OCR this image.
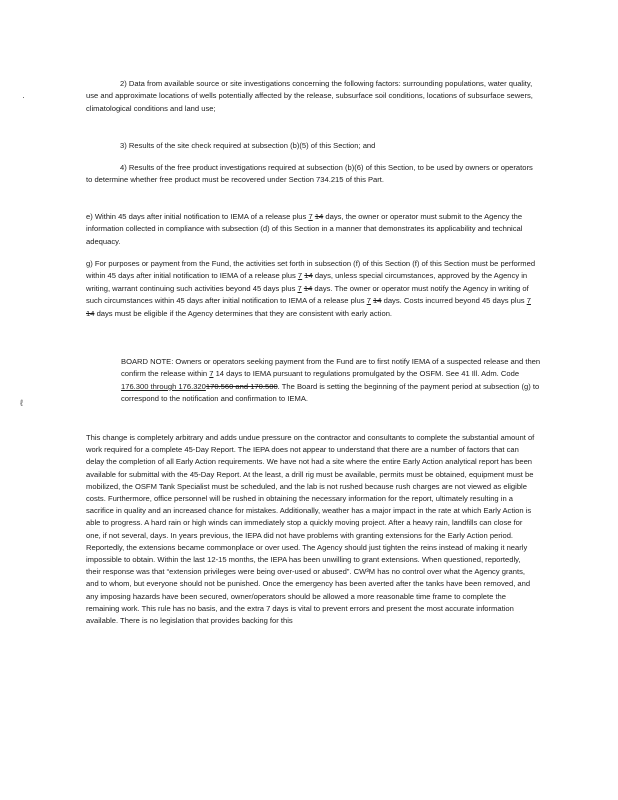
·
ℓ

2) Data from available source or site investigations concerning the following factors: surrounding populations, water quality, use and approximate locations of wells potentially affected by the release, subsurface soil conditions, locations of subsurface sewers, climatological conditions and land use;

3) Results of the site check required at subsection (b)(5) of this Section; and

4) Results of the free product investigations required at subsection (b)(6) of this Section, to be used by owners or operators to determine whether free product must be recovered under Section 734.215 of this Part.

e) Within 45 days after initial notification to IEMA of a release plus 7 14 days, the owner or operator must submit to the Agency the information collected in compliance with subsection (d) of this Section in a manner that demonstrates its applicability and technical adequacy.

g) For purposes or payment from the Fund, the activities set forth in subsection (f) of this Section (f) of this Section must be performed within 45 days after initial notification to IEMA of a release plus 7 14 days, unless special circumstances, approved by the Agency in writing, warrant continuing such activities beyond 45 days plus 7 14 days. The owner or operator must notify the Agency in writing of such circumstances within 45 days after initial notification to IEMA of a release plus 7 14 days. Costs incurred beyond 45 days plus 7 14 days must be eligible if the Agency determines that they are consistent with early action.

BOARD NOTE: Owners or operators seeking payment from the Fund are to first notify IEMA of a suspected release and then confirm the release within 7 14 days to IEMA pursuant to regulations promulgated by the OSFM. See 41 Ill. Adm. Code 176.300 through 176.320170.560 and 170.580. The Board is setting the beginning of the payment period at subsection (g) to correspond to the notification and confirmation to IEMA.

This change is completely arbitrary and adds undue pressure on the contractor and consultants to complete the substantial amount of work required for a complete 45-Day Report. The IEPA does not appear to understand that there are a number of factors that can delay the completion of all Early Action requirements. We have not had a site where the entire Early Action analytical report has been available for submittal with the 45-Day Report. At the least, a drill rig must be available, permits must be obtained, equipment must be mobilized, the OSFM Tank Specialist must be scheduled, and the lab is not rushed because rush charges are not viewed as eligible costs. Furthermore, office personnel will be rushed in obtaining the necessary information for the report, ultimately resulting in a sacrifice in quality and an increased chance for mistakes. Additionally, weather has a major impact in the rate at which Early Action is able to progress. A hard rain or high winds can immediately stop a quickly moving project. After a heavy rain, landfills can close for one, if not several, days. In years previous, the IEPA did not have problems with granting extensions for the Early Action period. Reportedly, the extensions became commonplace or over used. The Agency should just tighten the reins instead of making it nearly impossible to obtain. Within the last 12-15 months, the IEPA has been unwilling to grant extensions. When questioned, reportedly, their response was that “extension privileges were being over-used or abused”. CW³M has no control over what the Agency grants, and to whom, but everyone should not be punished. Once the emergency has been averted after the tanks have been removed, and any imposing hazards have been secured, owner/operators should be allowed a more reasonable time frame to complete the remaining work. This rule has no basis, and the extra 7 days is vital to prevent errors and present the most accurate information available. There is no legislation that provides backing for this
